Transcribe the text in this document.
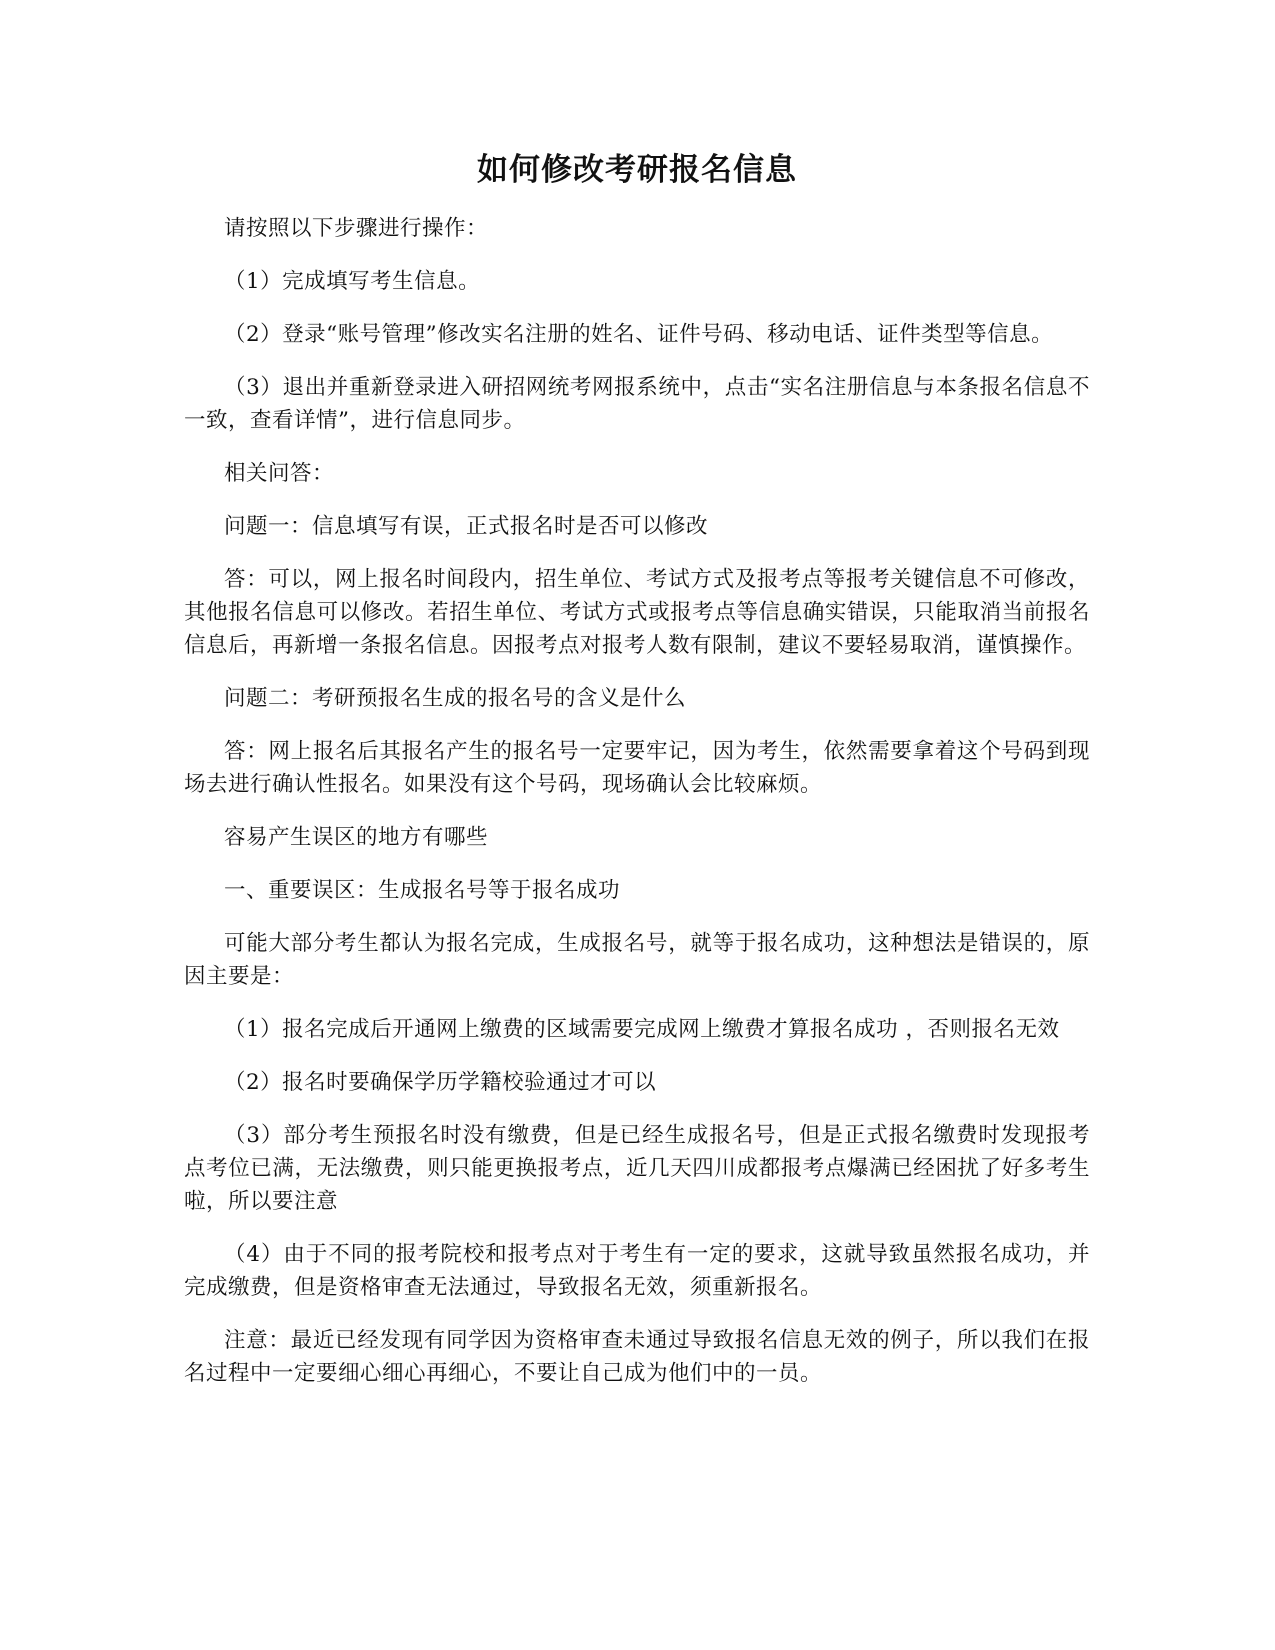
如何修改考研报名信息

请按照以下步骤进行操作：

（1）完成填写考生信息。

（2）登录“账号管理”修改实名注册的姓名、证件号码、移动电话、证件类型等信息。

（3）退出并重新登录进入研招网统考网报系统中，点击“实名注册信息与本条报名信息不一致，查看详情”，进行信息同步。

相关问答：

问题一：信息填写有误，正式报名时是否可以修改

答：可以，网上报名时间段内，招生单位、考试方式及报考点等报考关键信息不可修改，其他报名信息可以修改。若招生单位、考试方式或报考点等信息确实错误，只能取消当前报名信息后，再新增一条报名信息。因报考点对报考人数有限制，建议不要轻易取消，谨慎操作。

问题二：考研预报名生成的报名号的含义是什么

答：网上报名后其报名产生的报名号一定要牢记，因为考生，依然需要拿着这个号码到现场去进行确认性报名。如果没有这个号码，现场确认会比较麻烦。

容易产生误区的地方有哪些

一、重要误区：生成报名号等于报名成功

可能大部分考生都认为报名完成，生成报名号，就等于报名成功，这种想法是错误的，原因主要是：

（1）报名完成后开通网上缴费的区域需要完成网上缴费才算报名成功 ，否则报名无效

（2）报名时要确保学历学籍校验通过才可以

（3）部分考生预报名时没有缴费，但是已经生成报名号，但是正式报名缴费时发现报考点考位已满，无法缴费，则只能更换报考点，近几天四川成都报考点爆满已经困扰了好多考生啦，所以要注意

（4）由于不同的报考院校和报考点对于考生有一定的要求，这就导致虽然报名成功，并完成缴费，但是资格审查无法通过，导致报名无效，须重新报名。

注意：最近已经发现有同学因为资格审查未通过导致报名信息无效的例子，所以我们在报名过程中一定要细心细心再细心，不要让自己成为他们中的一员。
